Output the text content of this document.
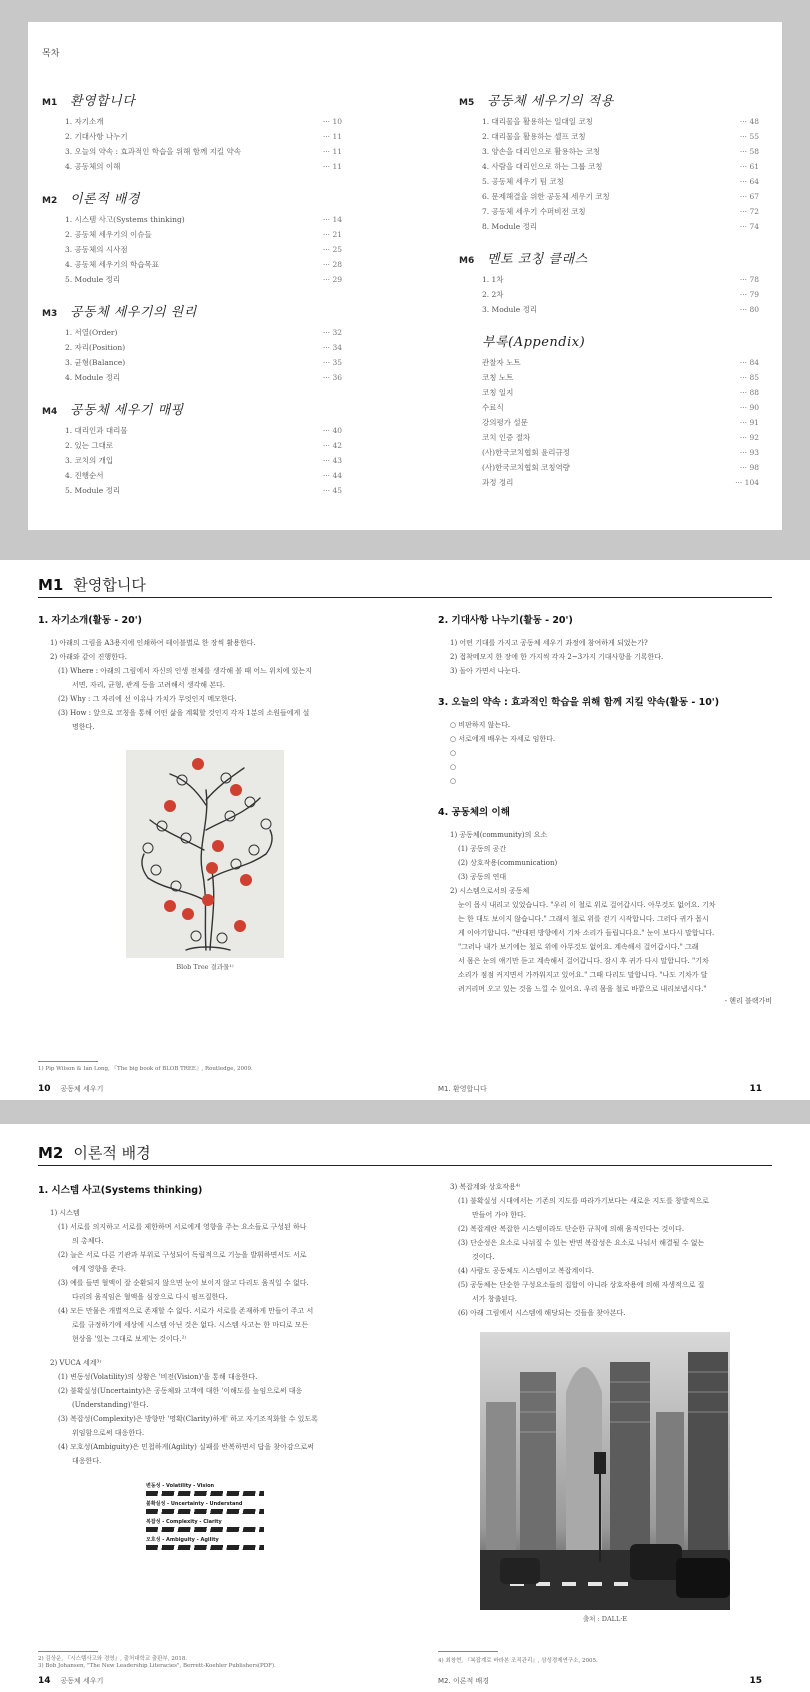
목차
M1 환영합니다
1. 자기소개	··· 10
2. 기대사항 나누기	··· 11
3. 오늘의 약속 : 효과적인 학습을 위해 함께 지킬 약속	··· 11
4. 공동체의 이해	··· 11
M2 이론적 배경
1. 시스템 사고(Systems thinking)	··· 14
2. 공동체 세우기의 이슈들	··· 21
3. 공동체의 시사점	··· 25
4. 공동체 세우기의 학습목표	··· 28
5. Module 정리	··· 29
M3 공동체 세우기의 원리
1. 서열(Order)	··· 32
2. 자리(Position)	··· 34
3. 균형(Balance)	··· 35
4. Module 정리	··· 36
M4 공동체 세우기 매핑
1. 대리인과 대리물	··· 40
2. 있는 그대로	··· 42
3. 코치의 개입	··· 43
4. 진행순서	··· 44
5. Module 정리	··· 45
M5 공동체 세우기의 적용
1. 대리물을 활용하는 일대일 코칭	··· 48
2. 대리물을 활용하는 셀프 코칭	··· 55
3. 양손을 대리인으로 활용하는 코칭	··· 58
4. 사람을 대리인으로 하는 그룹 코칭	··· 61
5. 공동체 세우기 팀 코칭	··· 64
6. 문제해결을 위한 공동체 세우기 코칭	··· 67
7. 공동체 세우기 수퍼비전 코칭	··· 72
8. Module 정리	··· 74
M6 멘토 코칭 클래스
1. 1차	··· 78
2. 2차	··· 79
3. Module 정리	··· 80
부록(Appendix)
관찰자 노트	··· 84
코칭 노트	··· 85
코칭 일지	··· 88
수료식	··· 90
강의평가 설문	··· 91
코치 인증 절차	··· 92
(사)한국코치협회 윤리규정	··· 93
(사)한국코치협회 코칭역량	··· 98
과정 정리	··· 104
M1 환영합니다
1. 자기소개(활동 - 20')
1) 아래의 그림을 A3용지에 인쇄하여 테이블별로 한 장씩 활용한다.
2) 아래와 같이 진행한다.
(1) Where : 아래의 그림에서 자신의 인생 전체를 생각해 볼 때 어느 위치에 있는지
서면, 자리, 균형, 관계 등을 고려해서 생각해 본다.
(2) Why : 그 자리에 선 이유나 가치가 무엇인지 메모한다.
(3) How : 앞으로 코칭을 통해 어떤 삶을 계획할 것인지 각자 1분의 소원들에게 설
명한다.
Blob Tree 결과물¹⁾
1) Pip Wilson & Ian Long, 『The big book of BLOB TREE』, Routledge, 2009.
10 공동체 세우기
2. 기대사항 나누기(활동 - 20')
1) 어떤 기대를 가지고 공동체 세우기 과정에 참여하게 되었는가?
2) 접착메모지 한 장에 한 가지씩 각자 2~3가지 기대사항을 기록한다.
3) 돌아 가면서 나눈다.
3. 오늘의 약속 : 효과적인 학습을 위해 함께 지킬 약속(활동 - 10')
○ 비판하지 않는다.
○ 서로에게 배우는 자세로 임한다.
○
○
○
4. 공동체의 이해
1) 공동체(community)의 요소
(1) 공동의 공간
(2) 상호작용(communication)
(3) 공동의 연대
2) 시스템으로서의 공동체
눈이 몹시 내리고 있었습니다. "우리 이 철로 위로 걸어갑시다. 아무것도 없어요. 기차
는 한 대도 보이지 않습니다." 그래서 철로 위를 걷기 시작합니다. 그러다 귀가 몹시
게 이야기합니다. "반대편 방향에서 기차 소리가 들립니다요." 눈이 보다시 말합니다.
"그러나 내가 보기에는 철로 위에 아무것도 없어요. 계속해서 걸어갑시다." 그래
서 몸은 눈의 얘기만 듣고 계속해서 걸어갑니다. 잠시 후 귀가 다시 말합니다. "기차
소리가 점점 커지면서 가까워지고 있어요." 그때 다리도 말합니다. "나도 기차가 달
려거리며 오고 있는 것을 느낄 수 있어요. 우리 몸을 철로 바깥으로 내리보냅시다."
- 헨리 블랙가비
M1. 환영합니다	11
M2 이론적 배경
1. 시스템 사고(Systems thinking)
1) 시스템
(1) 서로를 의지하고 서로를 제한하며 서로에게 영향을 주는 요소들로 구성된 하나
의 총체다.
(2) 늘은 서로 다른 기관과 부위로 구성되어 독립적으로 기능을 발휘하면서도 서로
에게 영향을 준다.
(3) 예를 들면 혈액이 잘 순환되지 않으면 눈이 보이지 않고 다리도 움직일 수 없다.
다리의 움직임은 혈액을 심장으로 다시 펌프질한다.
(4) 모든 만물은 개별적으로 존재할 수 없다. 서로가 서로를 존재하게 만들어 주고 서
로를 규정하기에 세상에 시스템 아닌 것은 없다. 시스템 사고는 한 마디로 모든
현상을 '있는 그대로 보게'는 것이다.²⁾
2) VUCA 세계³⁾
(1) 변동성(Volatility)의 상황은 '비전(Vision)'을 통해 대응한다.
(2) 불확실성(Uncertainty)은 공동체와 고객에 대한 '이해도를 높임으로써 대응
(Understanding)'한다.
(3) 복잡성(Complexity)은 방향만 '명확(Clarity)하게' 하고 자기조직화할 수 있도록
위임함으로써 대응한다.
(4) 모호성(Ambiguity)은 민첩하게(Agility) 실패를 반복하면서 답을 찾아감으로써
대응한다.
변동성 - Volatility - Vision
불확실성 - Uncertainty - Understand
복잡성 - Complexity - Clarity
모호성 - Ambiguity - Agility
2) 김상운, 『시스템사고와 경영』, 출처대학교 출판부, 2018.
3) Bob Johansen, "The New Leadership Literacies", Berrett-Koehler Publishers(PDF).
14 공동체 세우기
3) 복잡계와 상호작용⁴⁾
(1) 불확실성 시대에서는 기존의 지도를 따라가기보다는 새로운 지도를 창발적으로
만들어 가야 한다.
(2) 복잡계란 복잡한 시스템이라도 단순한 규칙에 의해 움직인다는 것이다.
(3) 단순성은 요소로 나뉘질 수 있는 반면 복잡성은 요소로 나눠서 해결될 수 없는
것이다.
(4) 사람도 공동체도 시스템이고 복잡계이다.
(5) 공동체는 단순한 구성요소들의 집합이 아니라 상호작용에 의해 자생적으로 질
서가 창출된다.
(6) 아래 그림에서 시스템에 해당되는 것들을 찾아본다.
출처 : DALL·E
4) 최창현, 『복잡계로 바라본 조직관리』, 삼성경제연구소, 2005.
M2. 이론적 배경	15
